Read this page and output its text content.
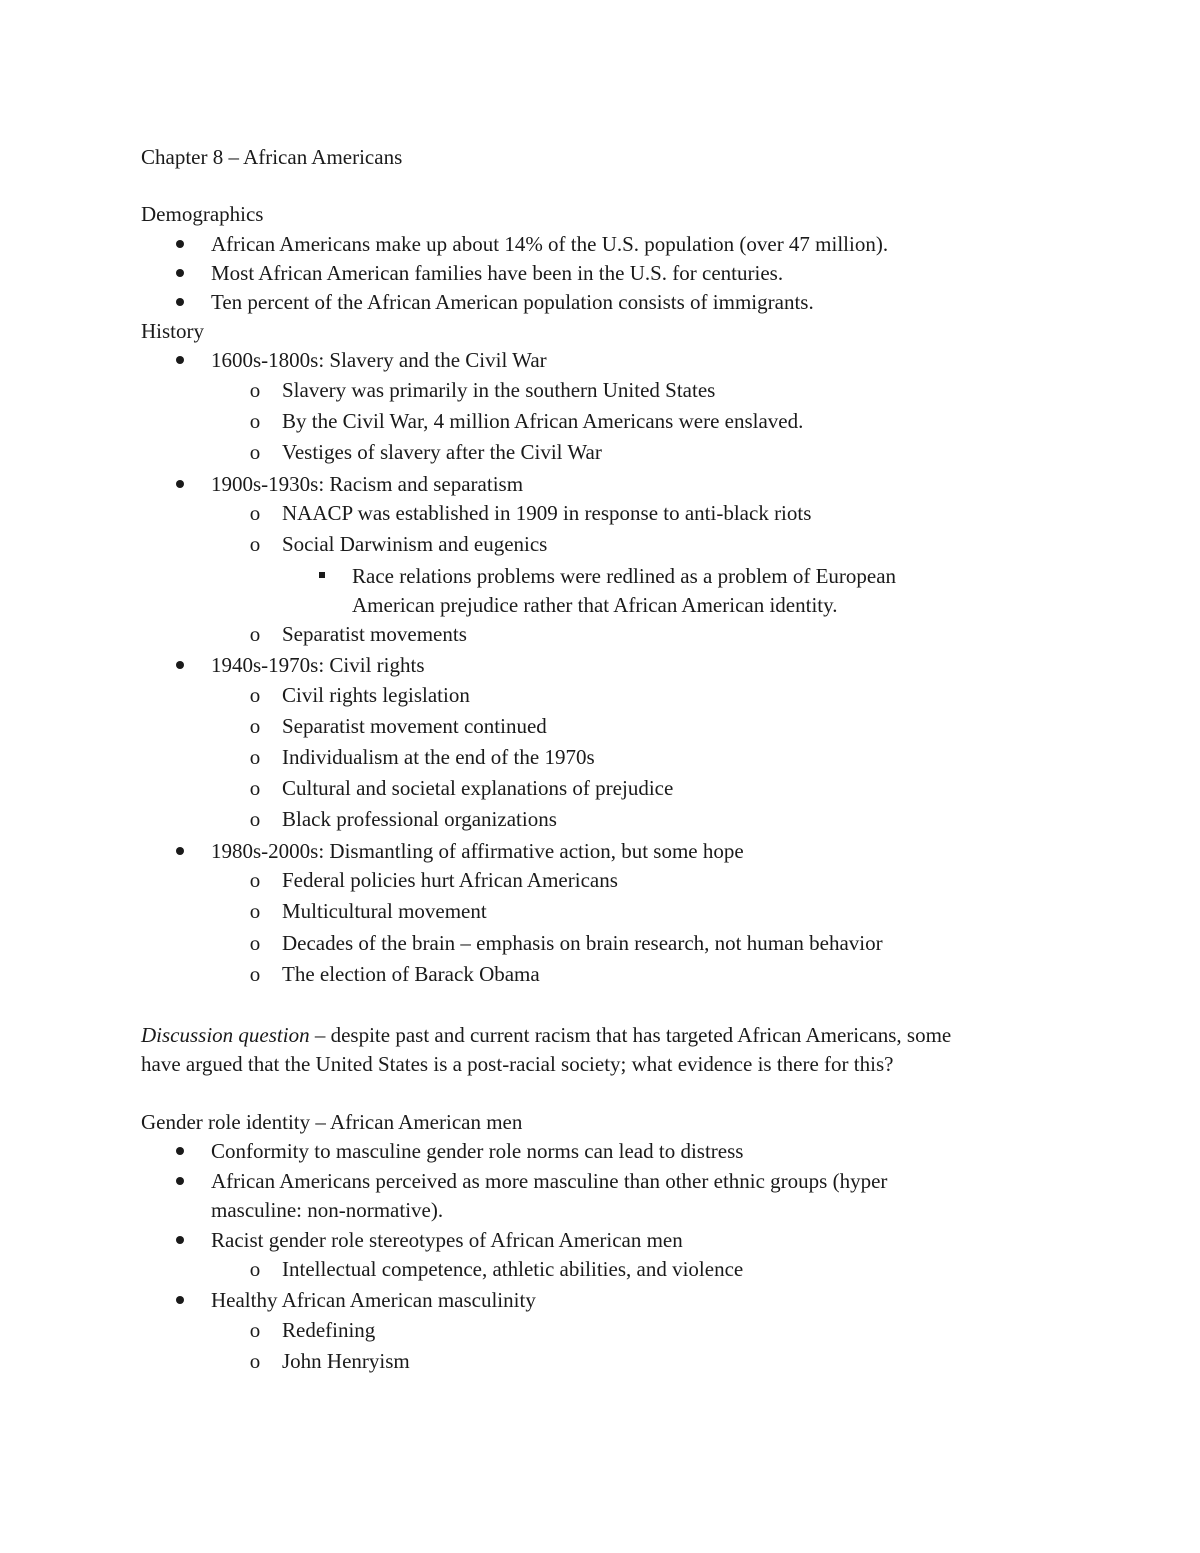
Chapter 8 – African Americans
Demographics
African Americans make up about 14% of the U.S. population (over 47 million).
Most African American families have been in the U.S. for centuries.
Ten percent of the African American population consists of immigrants.
History
1600s-1800s: Slavery and the Civil War
o Slavery was primarily in the southern United States
o By the Civil War, 4 million African Americans were enslaved.
o Vestiges of slavery after the Civil War
1900s-1930s: Racism and separatism
o NAACP was established in 1909 in response to anti-black riots
o Social Darwinism and eugenics
Race relations problems were redlined as a problem of European
American prejudice rather that African American identity.
o Separatist movements
1940s-1970s: Civil rights
o Civil rights legislation
o Separatist movement continued
o Individualism at the end of the 1970s
o Cultural and societal explanations of prejudice
o Black professional organizations
1980s-2000s: Dismantling of affirmative action, but some hope
o Federal policies hurt African Americans
o Multicultural movement
o Decades of the brain – emphasis on brain research, not human behavior
o The election of Barack Obama
Discussion question – despite past and current racism that has targeted African Americans, some
have argued that the United States is a post-racial society; what evidence is there for this?
Gender role identity – African American men
Conformity to masculine gender role norms can lead to distress
African Americans perceived as more masculine than other ethnic groups (hyper
masculine: non-normative).
Racist gender role stereotypes of African American men
o Intellectual competence, athletic abilities, and violence
Healthy African American masculinity
o Redefining
o John Henryism
